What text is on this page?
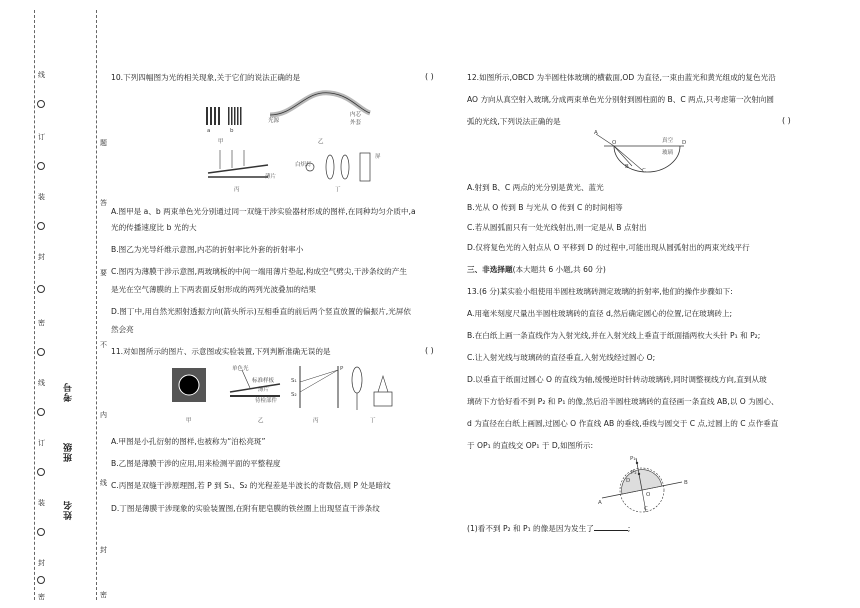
线
订
装
封
密
线
订
装
封
密
题
答
要
不
内
线
封
密
考号
班级
姓名
10.下列四幅图为光的相关现象,关于它们的说法正确的是	( )
a	b
甲
光源
内芯
外套
乙
薄片
丙
白炽灯
屏
丁
A.图甲是 a、b 两束单色光分别通过同一双缝干涉实验器材形成的图样,在同种均匀介质中,a
光的传播速度比 b 光的大
B.图乙为光导纤维示意图,内芯的折射率比外套的折射率小
C.图丙为薄膜干涉示意图,两玻璃板的中间一端用薄片垫起,构成空气劈尖,干涉条纹的产生
是光在空气薄膜的上下两表面反射形成的两列光波叠加的结果
D.图丁中,用自然光照射透振方向(箭头所示)互相垂直的前后两个竖直放置的偏振片,光屏依
然会亮
11.对如图所示的图片、示意图或实验装置,下列判断准确无误的是	( )
单色光
标准样板
薄片
待检部件
S₁
S₂
P
甲	乙	丙	丁
A.甲图是小孔衍射的图样,也被称为“泊松亮斑”
B.乙图是薄膜干涉的应用,用来检测平面的平整程度
C.丙图是双缝干涉原理图,若 P 到 S₁、S₂ 的光程差是半波长的奇数倍,则 P 处是暗纹
D.丁图是薄膜干涉现象的实验装置图,在附有肥皂膜的铁丝圈上出现竖直干涉条纹
12.如图所示,OBCD 为半圆柱体玻璃的横截面,OD 为直径,一束由蓝光和黄光组成的复色光沿
AO 方向从真空射入玻璃,分成两束单色光分别射到圆柱面的 B、C 两点,只考虑第一次射向圆
弧的光线,下列说法正确的是	( )
A
O
B
C
D
真空
玻璃
A.射到 B、C 两点的光分别是黄光、蓝光
B.光从 O 传到 B 与光从 O 传到 C 的时间相等
C.若从圆弧面只有一处光线射出,则一定是从 B 点射出
D.仅将复色光的入射点从 O 平移到 D 的过程中,可能出现从圆弧射出的两束光线平行
三、非选择题(本大题共 6 小题,共 60 分)
13.(6 分)某实验小组使用半圆柱玻璃砖测定玻璃的折射率,他们的操作步骤如下:
A.用毫米刻度尺量出半圆柱玻璃砖的直径 d,然后确定圆心的位置,记在玻璃砖上;
B.在白纸上画一条直线作为入射光线,并在入射光线上垂直于纸面插两枚大头针 P₁ 和 P₂;
C.让入射光线与玻璃砖的直径垂直,入射光线经过圆心 O;
D.以垂直于纸面过圆心 O 的直线为轴,缓慢逆时针转动玻璃砖,同时调整视线方向,直到从玻
璃砖下方恰好看不到 P₂ 和 P₁ 的像,然后沿半圆柱玻璃砖的直径画一条直线 AB,以 O 为圆心、
d 为直径在白纸上画圆,过圆心 O 作直线 AB 的垂线,垂线与圆交于 C 点,过圆上的 C 点作垂直
于 OP₁ 的直线交 OP₁ 于 D,如图所示:
P₁
P₂
O
A
B
C
D
(1)看不到 P₂ 和 P₁ 的像是因为发生了	;
